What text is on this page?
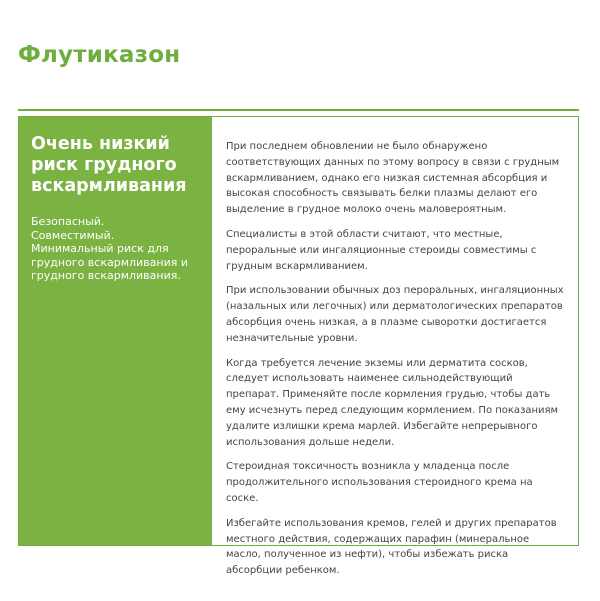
Флутиказон
Очень низкий риск грудного вскармливания
Безопасный.
Совместимый.
Минимальный риск для грудного вскармливания и грудного вскармливания.

При последнем обновлении не было обнаружено соответствующих данных по этому вопросу в связи с грудным вскармливанием, однако его низкая системная абсорбция и высокая способность связывать белки плазмы делают его выделение в грудное молоко очень маловероятным.

Специалисты в этой области считают, что местные, пероральные или ингаляционные стероиды совместимы с грудным вскармливанием.

При использовании обычных доз пероральных, ингаляционных (назальных или легочных) или дерматологических препаратов абсорбция очень низкая, а в плазме сыворотки достигается незначительные уровни.

Когда требуется лечение экземы или дерматита сосков, следует использовать наименее сильнодействующий препарат. Применяйте после кормления грудью, чтобы дать ему исчезнуть перед следующим кормлением. По показаниям удалите излишки крема марлей. Избегайте непрерывного использования дольше недели.

Стероидная токсичность возникла у младенца после продолжительного использования стероидного крема на соске.

Избегайте использования кремов, гелей и других препаратов местного действия, содержащих парафин (минеральное масло, полученное из нефти), чтобы избежать риска абсорбции ребенком.
